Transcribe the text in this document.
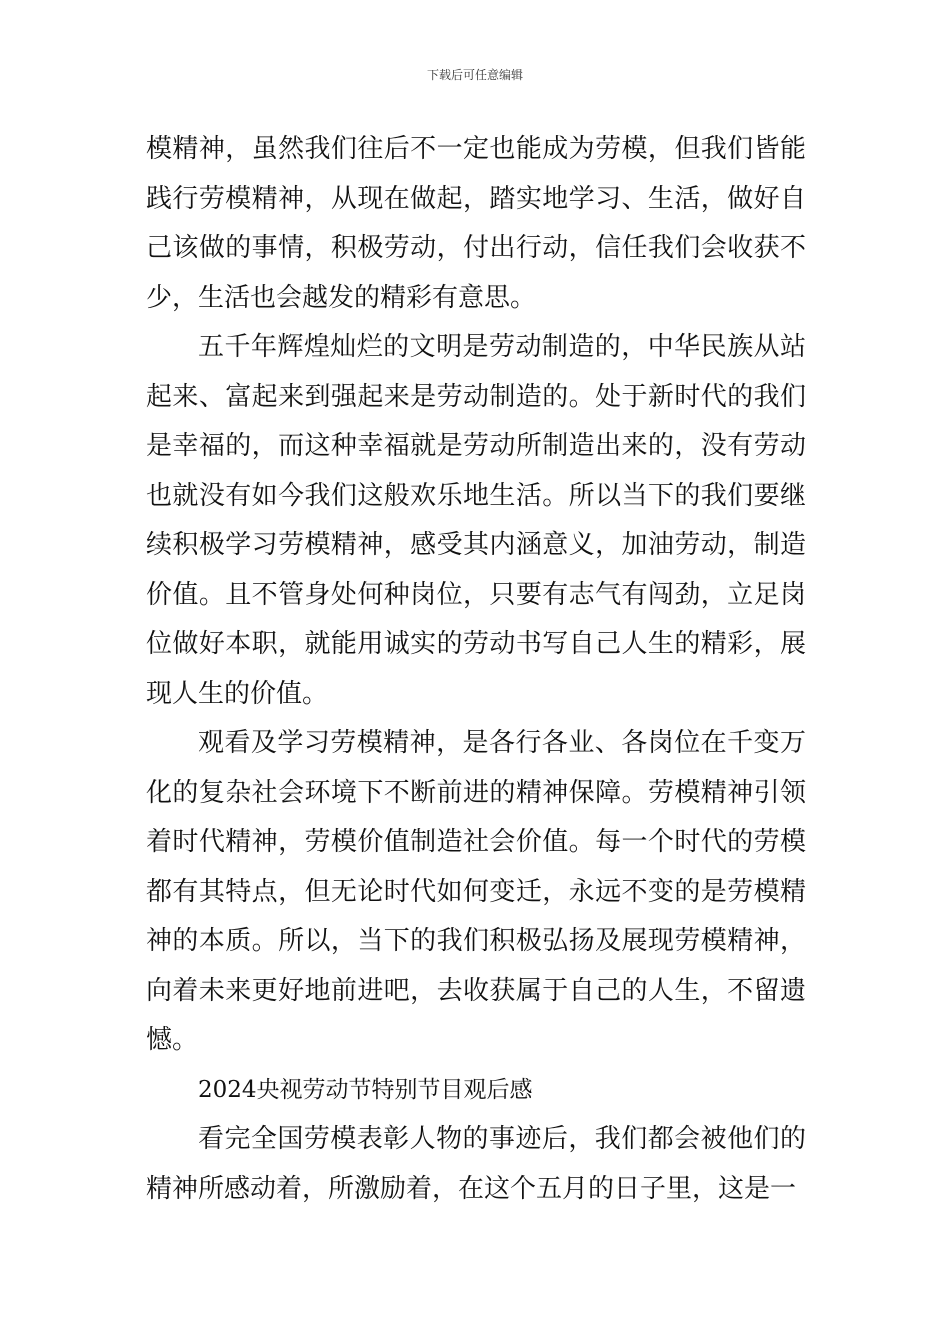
下载后可任意编辑

模精神，虽然我们往后不一定也能成为劳模，但我们皆能践行劳模精神，从现在做起，踏实地学习、生活，做好自己该做的事情，积极劳动，付出行动，信任我们会收获不少，生活也会越发的精彩有意思。

五千年辉煌灿烂的文明是劳动制造的，中华民族从站起来、富起来到强起来是劳动制造的。处于新时代的我们是幸福的，而这种幸福就是劳动所制造出来的，没有劳动也就没有如今我们这般欢乐地生活。所以当下的我们要继续积极学习劳模精神，感受其内涵意义，加油劳动，制造价值。且不管身处何种岗位，只要有志气有闯劲，立足岗位做好本职，就能用诚实的劳动书写自己人生的精彩，展现人生的价值。

观看及学习劳模精神，是各行各业、各岗位在千变万化的复杂社会环境下不断前进的精神保障。劳模精神引领着时代精神，劳模价值制造社会价值。每一个时代的劳模都有其特点，但无论时代如何变迁，永远不变的是劳模精神的本质。所以，当下的我们积极弘扬及展现劳模精神，向着未来更好地前进吧，去收获属于自己的人生，不留遗憾。

2024央视劳动节特别节目观后感

看完全国劳模表彰人物的事迹后，我们都会被他们的精神所感动着，所激励着，在这个五月的日子里，这是一
